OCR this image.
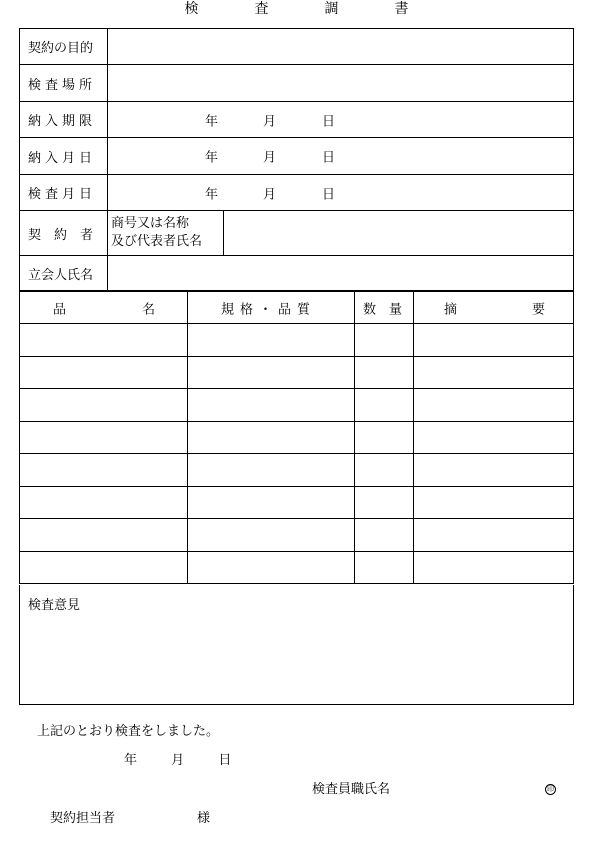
検	査	調	書
契約の目的		
検査場所		
納入期限	年 月 日	

納入月日	年 月 日	

検査月日	年 月 日	

契　約　者	商号又は名称
及び代表者氏名	

立会人氏名		
品 名	規格・品質	数　量	摘 要

検査意見
上記のとおり検査をしました。
年	月	日
検査員職氏名	印
契約担当者	様
